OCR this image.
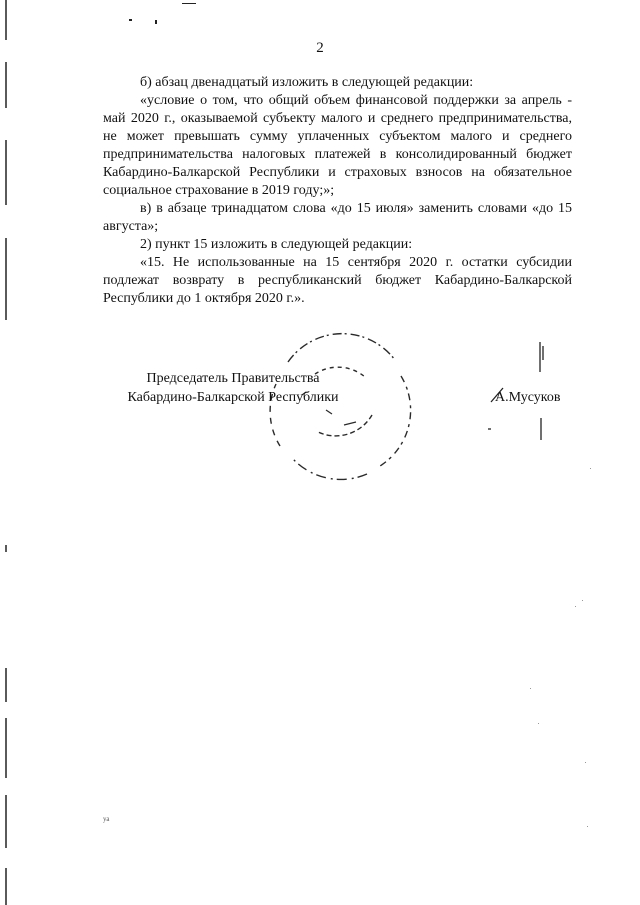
2

б) абзац двенадцатый изложить в следующей редакции:

«условие о том, что общий объем финансовой поддержки за апрель - май 2020 г., оказываемой субъекту малого и среднего предпринимательства, не может превышать сумму уплаченных субъектом малого и среднего предпринимательства налоговых платежей в консолидированный бюджет Кабардино-Балкарской Республики и страховых взносов на обязательное социальное страхование в 2019 году;»;

в) в абзаце тринадцатом слова «до 15 июля» заменить словами «до 15 августа»;

2) пункт 15 изложить в следующей редакции:

«15. Не использованные на 15 сентября 2020 г. остатки субсидии подлежат возврату в республиканский бюджет Кабардино-Балкарской Республики до 1 октября 2020 г.».

Председатель Правительства
Кабардино-Балкарской Республики	А.Мусуков
уа
